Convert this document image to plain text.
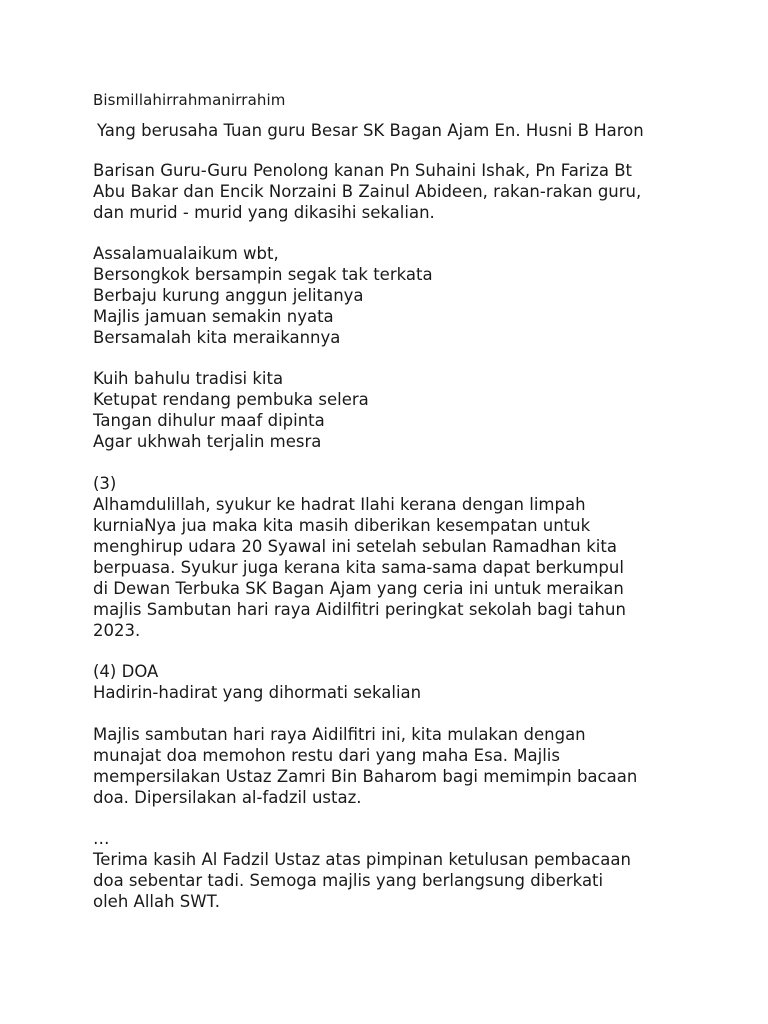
Bismillahirrahmanirrahim
Yang berusaha Tuan guru Besar SK Bagan Ajam En. Husni B Haron
Barisan Guru-Guru Penolong kanan Pn Suhaini Ishak, Pn Fariza Bt
Abu Bakar dan Encik Norzaini B Zainul Abideen, rakan-rakan guru,
dan murid - murid yang dikasihi sekalian.
Assalamualaikum wbt,
Bersongkok bersampin segak tak terkata
Berbaju kurung anggun jelitanya
Majlis jamuan semakin nyata
Bersamalah kita meraikannya
Kuih bahulu tradisi kita
Ketupat rendang pembuka selera
Tangan dihulur maaf dipinta
Agar ukhwah terjalin mesra
(3)
Alhamdulillah, syukur ke hadrat Ilahi kerana dengan limpah
kurniaNya jua maka kita masih diberikan kesempatan untuk
menghirup udara 20 Syawal ini setelah sebulan Ramadhan kita
berpuasa. Syukur juga kerana kita sama-sama dapat berkumpul
di Dewan Terbuka SK Bagan Ajam yang ceria ini untuk meraikan
majlis Sambutan hari raya Aidilfitri peringkat sekolah bagi tahun
2023.
(4) DOA
Hadirin-hadirat yang dihormati sekalian
Majlis sambutan hari raya Aidilfitri ini, kita mulakan dengan
munajat doa memohon restu dari yang maha Esa. Majlis
mempersilakan Ustaz Zamri Bin Baharom bagi memimpin bacaan
doa. Dipersilakan al-fadzil ustaz.
…
Terima kasih Al Fadzil Ustaz atas pimpinan ketulusan pembacaan
doa sebentar tadi. Semoga majlis yang berlangsung diberkati
oleh Allah SWT.
